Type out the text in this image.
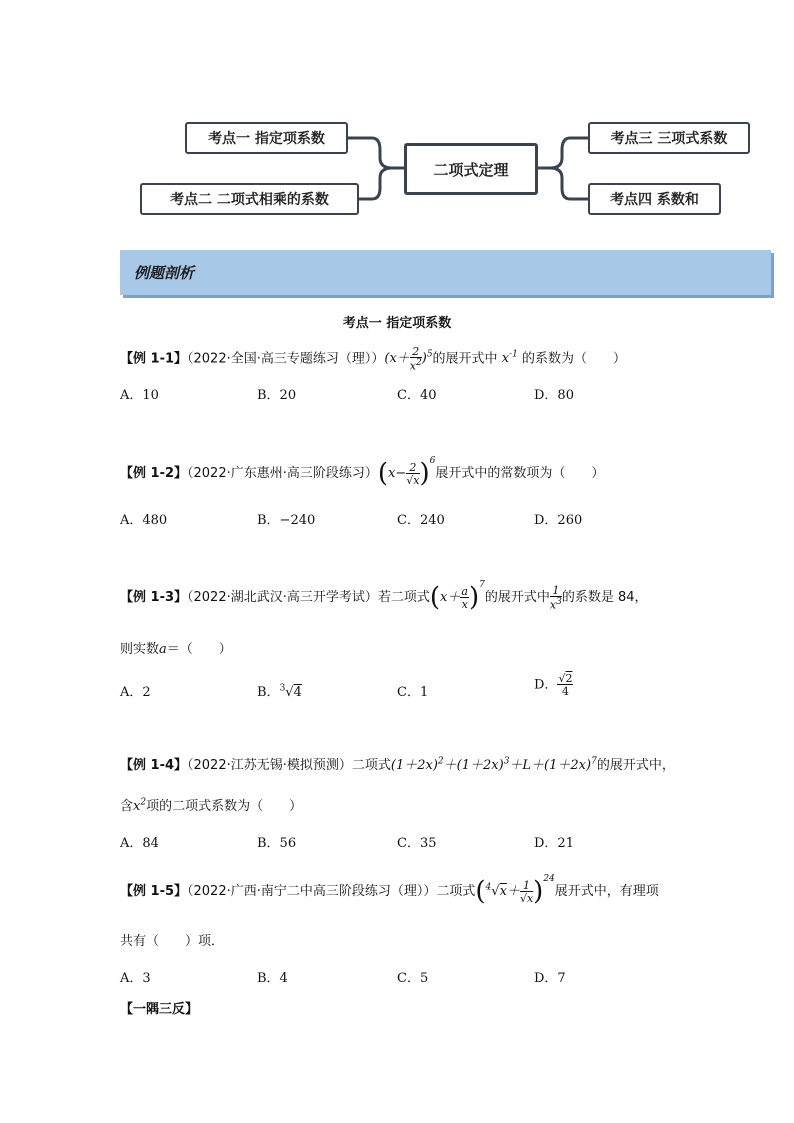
二项式定理
考点一 指定项系数
考点二 二项式相乘的系数
考点三 三项式系数
考点四 系数和
例题剖析
考点一 指定项系数
【例 1-1】（2022·全国·高三专题练习（理））$(x+ \frac{2}{x^2} )^5$的展开式中 $x^{-1}$ 的系数为（　　）
A．10	B．20	C．40	D．80
【例 1-2】（2022·广东惠州·高三阶段练习）$(x- \frac{2}{√x} )^6$展开式中的常数项为（　　）
A．480	B．−240	C．240	D．260
【例 1-3】（2022·湖北武汉·高三开学考试）若二项式$(x+ \frac{a}{x} )^7$的展开式中 $\frac{1}{x^3}$ 的系数是 84，
则实数a＝（　　）
A．2	B．$^3$√4	C．1	D． $\frac{√2}{4}$
【例 1-4】（2022·江苏无锡·模拟预测）二项式$(1+2x)^2+(1+2x)^3+L+(1+2x)^7$的展开式中，
含$x^2$项的二项式系数为（　　）
A．84	B．56	C．35	D．21
【例 1-5】（2022·广西·南宁二中高三阶段练习（理））二项式$(^4√x+ \frac{1}{√x} )^{24}$展开式中，有理项
共有（　　）项．
A．3	B．4	C．5	D．7
【一隅三反】
